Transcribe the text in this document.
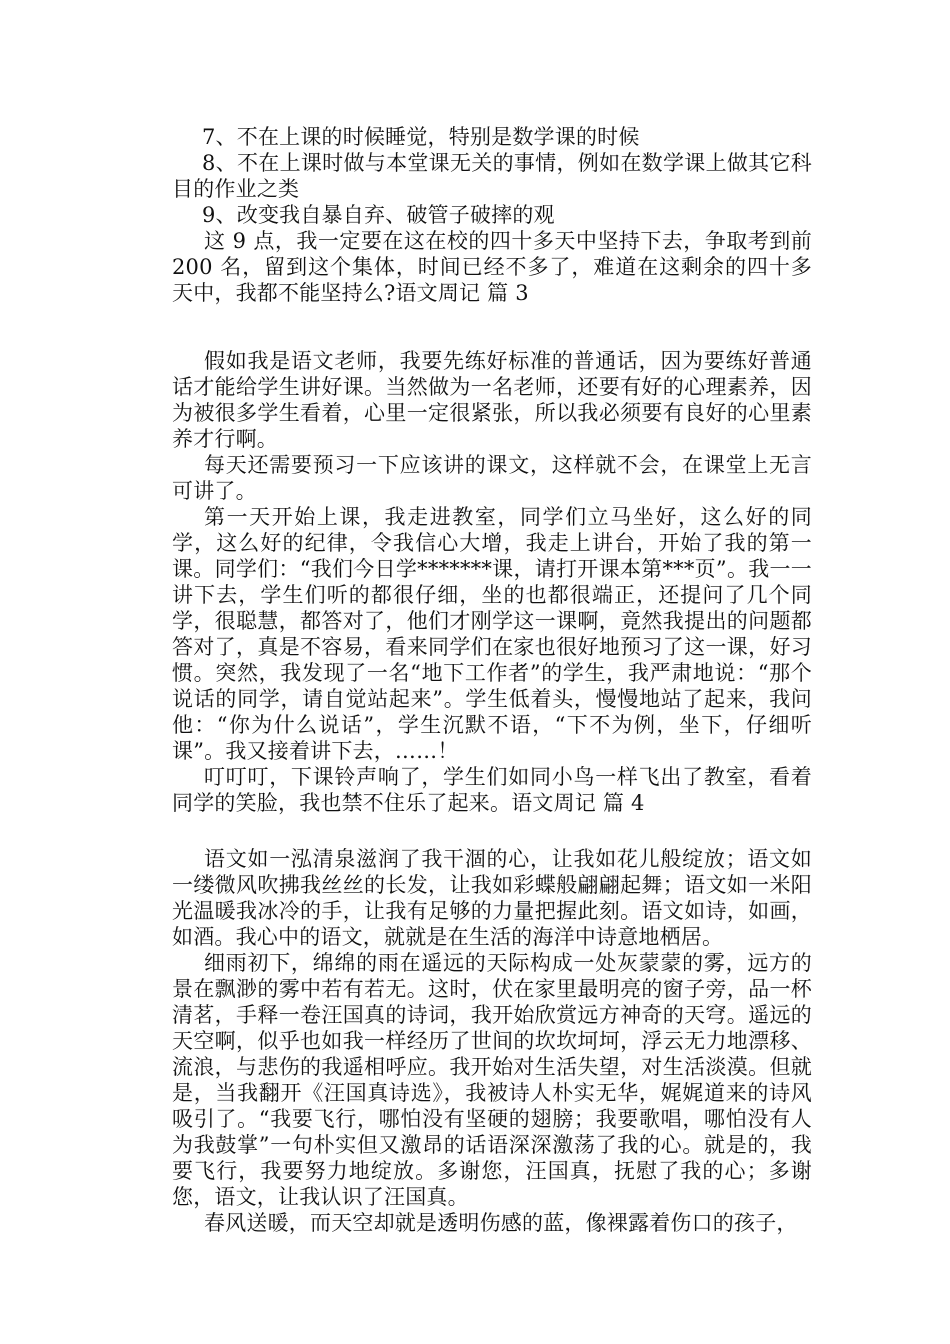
7、不在上课的时候睡觉，特别是数学课的时候

8、不在上课时做与本堂课无关的事情，例如在数学课上做其它科目的作业之类

9、改变我自暴自弃、破管子破摔的观

这 9 点，我一定要在这在校的四十多天中坚持下去，争取考到前 200 名，留到这个集体，时间已经不多了，难道在这剩余的四十多天中，我都不能坚持么?语文周记 篇 3

假如我是语文老师，我要先练好标准的普通话，因为要练好普通话才能给学生讲好课。当然做为一名老师，还要有好的心理素养，因为被很多学生看着，心里一定很紧张，所以我必须要有良好的心里素养才行啊。

每天还需要预习一下应该讲的课文，这样就不会，在课堂上无言可讲了。

第一天开始上课，我走进教室，同学们立马坐好，这么好的同学，这么好的纪律，令我信心大增，我走上讲台，开始了我的第一课。同学们：“我们今日学*******课，请打开课本第***页”。我一一讲下去，学生们听的都很仔细，坐的也都很端正，还提问了几个同学，很聪慧，都答对了，他们才刚学这一课啊，竟然我提出的问题都答对了，真是不容易，看来同学们在家也很好地预习了这一课，好习惯。突然，我发现了一名“地下工作者”的学生，我严肃地说：“那个说话的同学，请自觉站起来”。学生低着头，慢慢地站了起来，我问他：“你为什么说话”，学生沉默不语，“下不为例，坐下，仔细听课”。我又接着讲下去，……！

叮叮叮，下课铃声响了，学生们如同小鸟一样飞出了教室，看着同学的笑脸，我也禁不住乐了起来。语文周记 篇 4

语文如一泓清泉滋润了我干涸的心，让我如花儿般绽放；语文如一缕微风吹拂我丝丝的长发，让我如彩蝶般翩翩起舞；语文如一米阳光温暖我冰冷的手，让我有足够的力量把握此刻。语文如诗，如画，如酒。我心中的语文，就就是在生活的海洋中诗意地栖居。

细雨初下，绵绵的雨在遥远的天际构成一处灰蒙蒙的雾，远方的景在飘渺的雾中若有若无。这时，伏在家里最明亮的窗子旁，品一杯清茗，手释一卷汪国真的诗词，我开始欣赏远方神奇的天穹。遥远的天空啊，似乎也如我一样经历了世间的坎坎坷坷，浮云无力地漂移、流浪，与悲伤的我遥相呼应。我开始对生活失望，对生活淡漠。但就是，当我翻开《汪国真诗选》，我被诗人朴实无华，娓娓道来的诗风吸引了。“我要飞行，哪怕没有坚硬的翅膀；我要歌唱，哪怕没有人为我鼓掌”一句朴实但又激昂的话语深深激荡了我的心。就是的，我要飞行，我要努力地绽放。多谢您，汪国真，抚慰了我的心；多谢您，语文，让我认识了汪国真。

春风送暖，而天空却就是透明伤感的蓝，像裸露着伤口的孩子，
